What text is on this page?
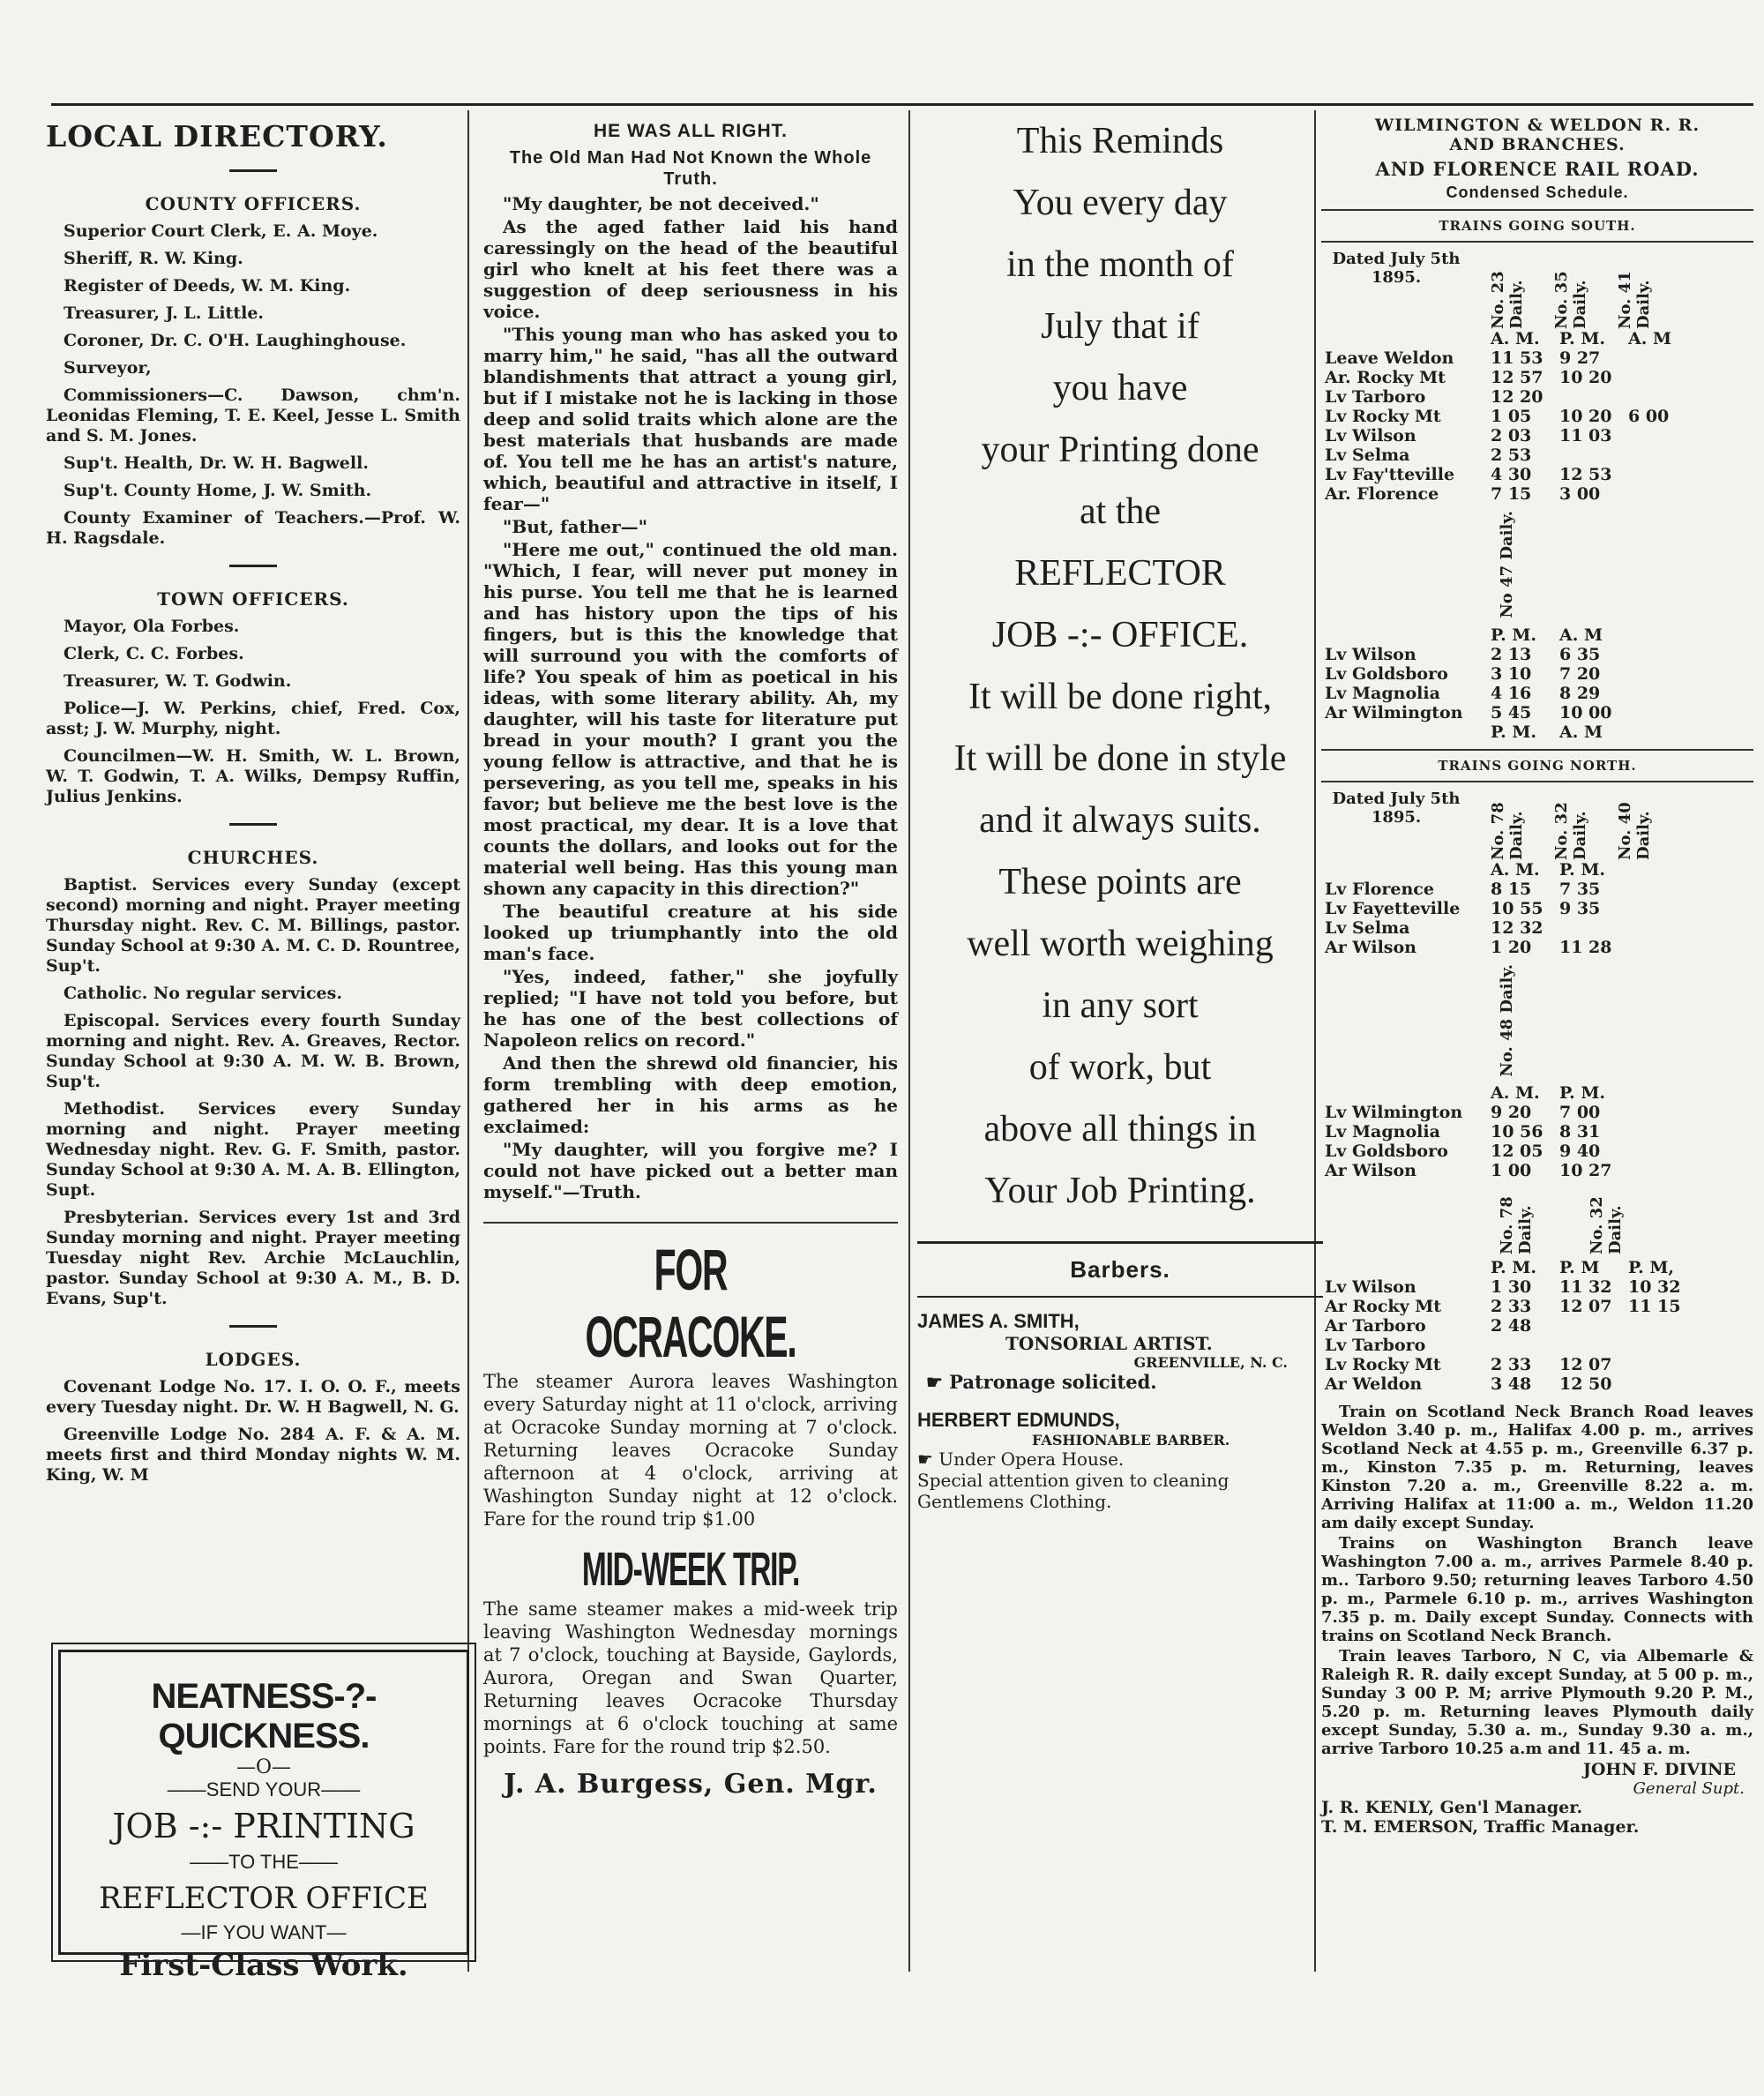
LOCAL DIRECTORY.
COUNTY OFFICERS.

Superior Court Clerk, E. A. Moye.

Sheriff, R. W. King.

Register of Deeds, W. M. King.

Treasurer, J. L. Little.

Coroner, Dr. C. O'H. Laughinghouse.

Surveyor,

Commissioners—C. Dawson, chm'n. Leonidas Fleming, T. E. Keel, Jesse L. Smith and S. M. Jones.

Sup't. Health, Dr. W. H. Bagwell.

Sup't. County Home, J. W. Smith.

County Examiner of Teachers.—Prof. W. H. Ragsdale.

TOWN OFFICERS.

Mayor, Ola Forbes.

Clerk, C. C. Forbes.

Treasurer, W. T. Godwin.

Police—J. W. Perkins, chief, Fred. Cox, asst; J. W. Murphy, night.

Councilmen—W. H. Smith, W. L. Brown, W. T. Godwin, T. A. Wilks, Dempsy Ruffin, Julius Jenkins.

CHURCHES.

Baptist. Services every Sunday (except second) morning and night. Prayer meeting Thursday night. Rev. C. M. Billings, pastor. Sunday School at 9:30 A. M. C. D. Rountree, Sup't.

Catholic. No regular services.

Episcopal. Services every fourth Sunday morning and night. Rev. A. Greaves, Rector. Sunday School at 9:30 A. M. W. B. Brown, Sup't.

Methodist. Services every Sunday morning and night. Prayer meeting Wednesday night. Rev. G. F. Smith, pastor. Sunday School at 9:30 A. M. A. B. Ellington, Supt.

Presbyterian. Services every 1st and 3rd Sunday morning and night. Prayer meeting Tuesday night Rev. Archie McLauchlin, pastor. Sunday School at 9:30 A. M., B. D. Evans, Sup't.

LODGES.

Covenant Lodge No. 17. I. O. O. F., meets every Tuesday night. Dr. W. H Bagwell, N. G.

Greenville Lodge No. 284 A. F. & A. M. meets first and third Monday nights W. M. King, W. M

NEATNESS-?-QUICKNESS.
—O—
——SEND YOUR——
JOB -:- PRINTING
——TO THE——
REFLECTOR OFFICE
—IF YOU WANT—
First-Class Work.
HE WAS ALL RIGHT.
The Old Man Had Not Known the Whole Truth.

"My daughter, be not deceived."

As the aged father laid his hand caressingly on the head of the beautiful girl who knelt at his feet there was a suggestion of deep seriousness in his voice.

"This young man who has asked you to marry him," he said, "has all the outward blandishments that attract a young girl, but if I mistake not he is lacking in those deep and solid traits which alone are the best materials that husbands are made of. You tell me he has an artist's nature, which, beautiful and attractive in itself, I fear—"

"But, father—"

"Here me out," continued the old man. "Which, I fear, will never put money in his purse. You tell me that he is learned and has history upon the tips of his fingers, but is this the knowledge that will surround you with the comforts of life? You speak of him as poetical in his ideas, with some literary ability. Ah, my daughter, will his taste for literature put bread in your mouth? I grant you the young fellow is attractive, and that he is persevering, as you tell me, speaks in his favor; but believe me the best love is the most practical, my dear. It is a love that counts the dollars, and looks out for the material well being. Has this young man shown any capacity in this direction?"

The beautiful creature at his side looked up triumphantly into the old man's face.

"Yes, indeed, father," she joyfully replied; "I have not told you before, but he has one of the best collections of Napoleon relics on record."

And then the shrewd old financier, his form trembling with deep emotion, gathered her in his arms as he exclaimed:

"My daughter, will you forgive me? I could not have picked out a better man myself."—Truth.

FOR OCRACOKE.

The steamer Aurora leaves Washington every Saturday night at 11 o'clock, arriving at Ocracoke Sunday morning at 7 o'clock. Returning leaves Ocracoke Sunday afternoon at 4 o'clock, arriving at Washington Sunday night at 12 o'clock. Fare for the round trip $1.00

MID-WEEK TRIP.

The same steamer makes a mid-week trip leaving Washington Wednesday mornings at 7 o'clock, touching at Bayside, Gaylords, Aurora, Oregan and Swan Quarter, Returning leaves Ocracoke Thursday mornings at 6 o'clock touching at same points. Fare for the round trip $2.50.

J. A. Burgess, Gen. Mgr.

This Reminds

You every day

in the month of

July that if

you have

your Printing done

at the

REFLECTOR

JOB -:- OFFICE.

It will be done right,

It will be done in style

and it always suits.

These points are

well worth weighing

in any sort

of work, but

above all things in

Your Job Printing.

Barbers.
JAMES A. SMITH,
TONSORIAL ARTIST.
GREENVILLE, N. C.
☛ Patronage solicited.
HERBERT EDMUNDS,
FASHIONABLE BARBER.
☛ Under Opera House.
Special attention given to cleaning Gentlemens Clothing.
WILMINGTON & WELDON R. R.
AND BRANCHES.
AND FLORENCE RAIL ROAD.
Condensed Schedule.
TRAINS GOING SOUTH.
Dated July 5th 1895.	No. 23 Daily. No. 35 Daily. No. 41 Daily.
	A. M.	P. M.	A. M
Leave Weldon	11 53	9 27	
Ar. Rocky Mt	12 57	10 20	
Lv Tarboro	12 20		
Lv Rocky Mt	1 05	10 20	6 00
Lv Wilson	2 03	11 03	
Lv Selma	2 53		
Lv Fay'tteville	4 30	12 53	
Ar. Florence	7 15	3 00	
No 47 Daily.
	P. M.	A. M
Lv Wilson	2 13	6 35
Lv Goldsboro	3 10	7 20
Lv Magnolia	4 16	8 29
Ar Wilmington	5 45	10 00
	P. M.	A. M
TRAINS GOING NORTH.
Dated July 5th 1895.	No. 78 Daily. No. 32 Daily. No. 40 Daily.
	A. M.	P. M.
Lv Florence	8 15	7 35
Lv Fayetteville	10 55	9 35
Lv Selma	12 32	
Ar Wilson	1 20	11 28
No. 48 Daily.
	A. M.	P. M.
Lv Wilmington	9 20	7 00
Lv Magnolia	10 56	8 31
Lv Goldsboro	12 05	9 40
Ar Wilson	1 00	10 27
No. 78 Daily.	No. 32 Daily.
	P. M.	P. M	P. M,
Lv Wilson	1 30	11 32	10 32
Ar Rocky Mt	2 33	12 07	11 15
Ar Tarboro	2 48		
Lv Tarboro			
Lv Rocky Mt	2 33	12 07	
Ar Weldon	3 48	12 50	

Train on Scotland Neck Branch Road leaves Weldon 3.40 p. m., Halifax 4.00 p. m., arrives Scotland Neck at 4.55 p. m., Greenville 6.37 p. m., Kinston 7.35 p. m. Returning, leaves Kinston 7.20 a. m., Greenville 8.22 a. m. Arriving Halifax at 11:00 a. m., Weldon 11.20 am daily except Sunday.

Trains on Washington Branch leave Washington 7.00 a. m., arrives Parmele 8.40 p. m.. Tarboro 9.50; returning leaves Tarboro 4.50 p. m., Parmele 6.10 p. m., arrives Washington 7.35 p. m. Daily except Sunday. Connects with trains on Scotland Neck Branch.

Train leaves Tarboro, N C, via Albemarle & Raleigh R. R. daily except Sunday, at 5 00 p. m., Sunday 3 00 P. M; arrive Plymouth 9.20 P. M., 5.20 p. m. Returning leaves Plymouth daily except Sunday, 5.30 a. m., Sunday 9.30 a. m., arrive Tarboro 10.25 a.m and 11. 45 a. m.

JOHN F. DIVINE
General Supt.
J. R. KENLY, Gen'l Manager.
T. M. EMERSON, Traffic Manager.
